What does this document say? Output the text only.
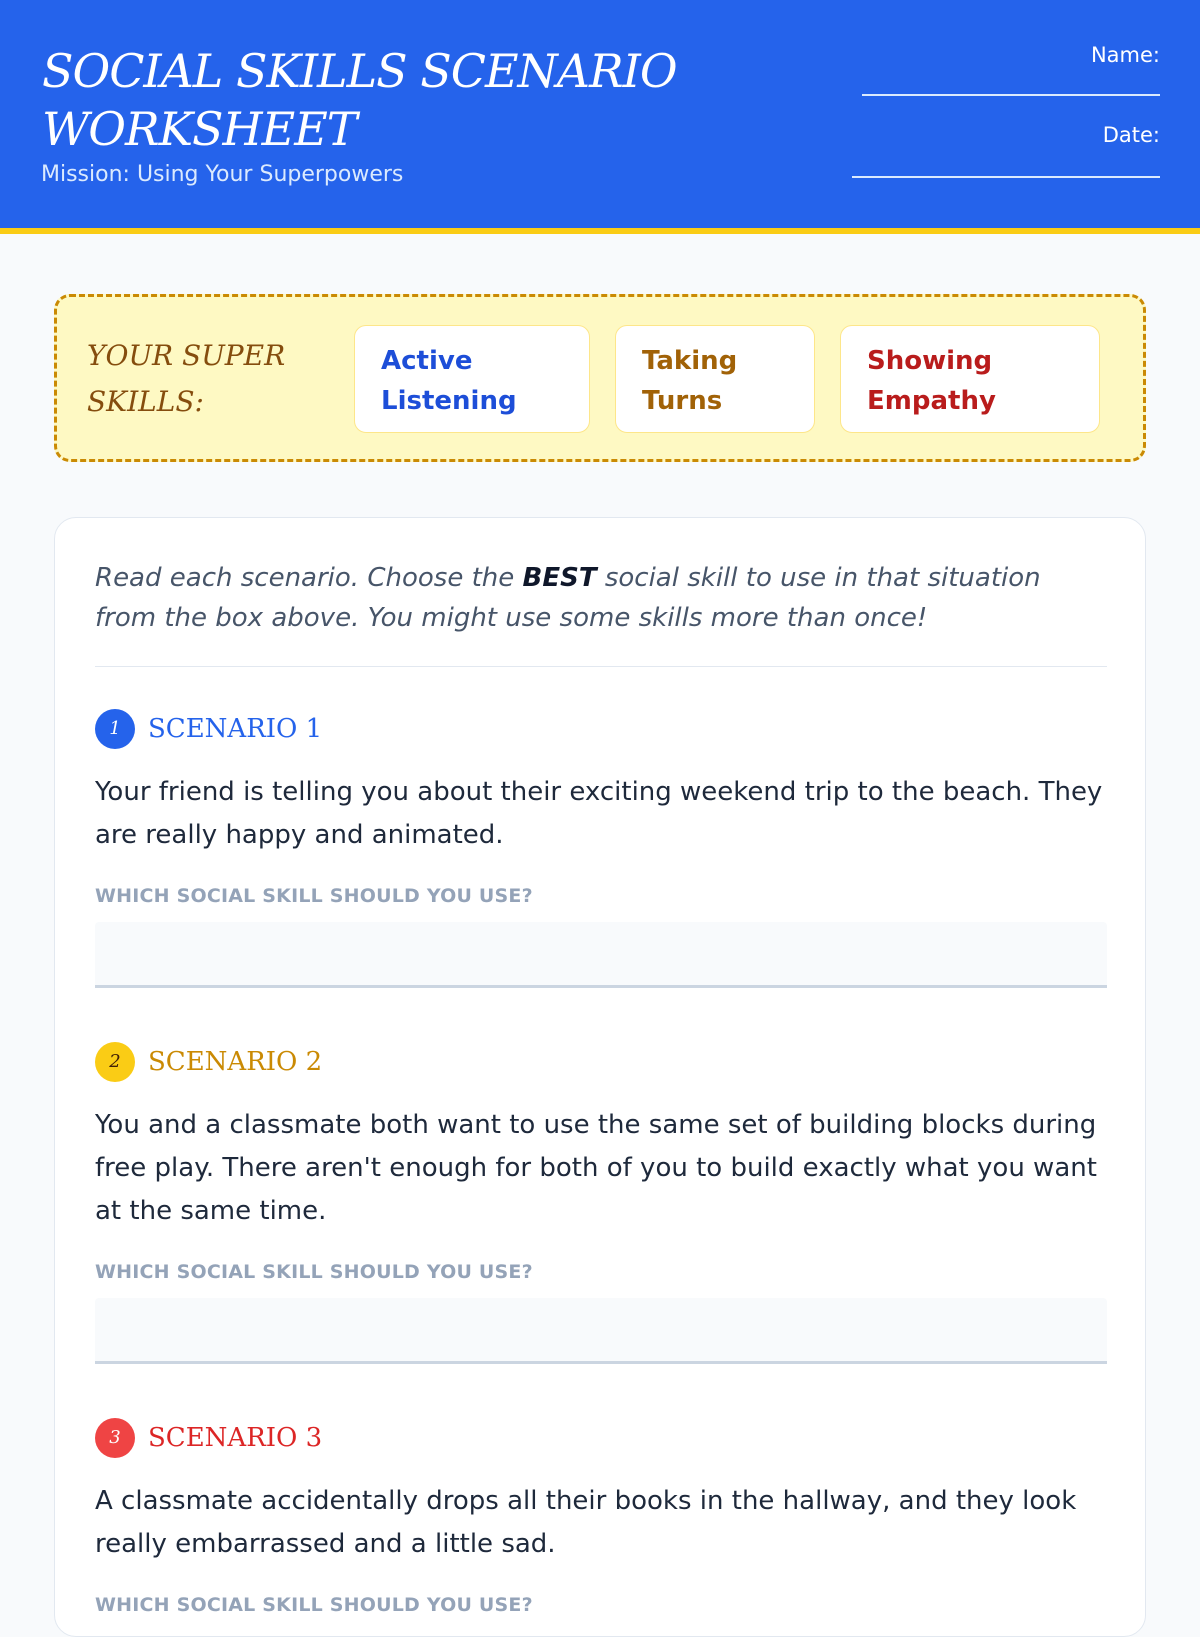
SOCIAL SKILLS SCENARIO WORKSHEET
Mission: Using Your Superpowers
Name:
Date:
YOUR SUPER SKILLS:
Active Listening
Taking Turns
Showing Empathy
Read each scenario. Choose the BEST social skill to use in that situation from the box above. You might use some skills more than once!
1	SCENARIO 1
Your friend is telling you about their exciting weekend trip to the beach. They are really happy and animated.
WHICH SOCIAL SKILL SHOULD YOU USE?
2	SCENARIO 2
You and a classmate both want to use the same set of building blocks during free play. There aren't enough for both of you to build exactly what you want at the same time.
WHICH SOCIAL SKILL SHOULD YOU USE?
3	SCENARIO 3
A classmate accidentally drops all their books in the hallway, and they look really embarrassed and a little sad.
WHICH SOCIAL SKILL SHOULD YOU USE?
